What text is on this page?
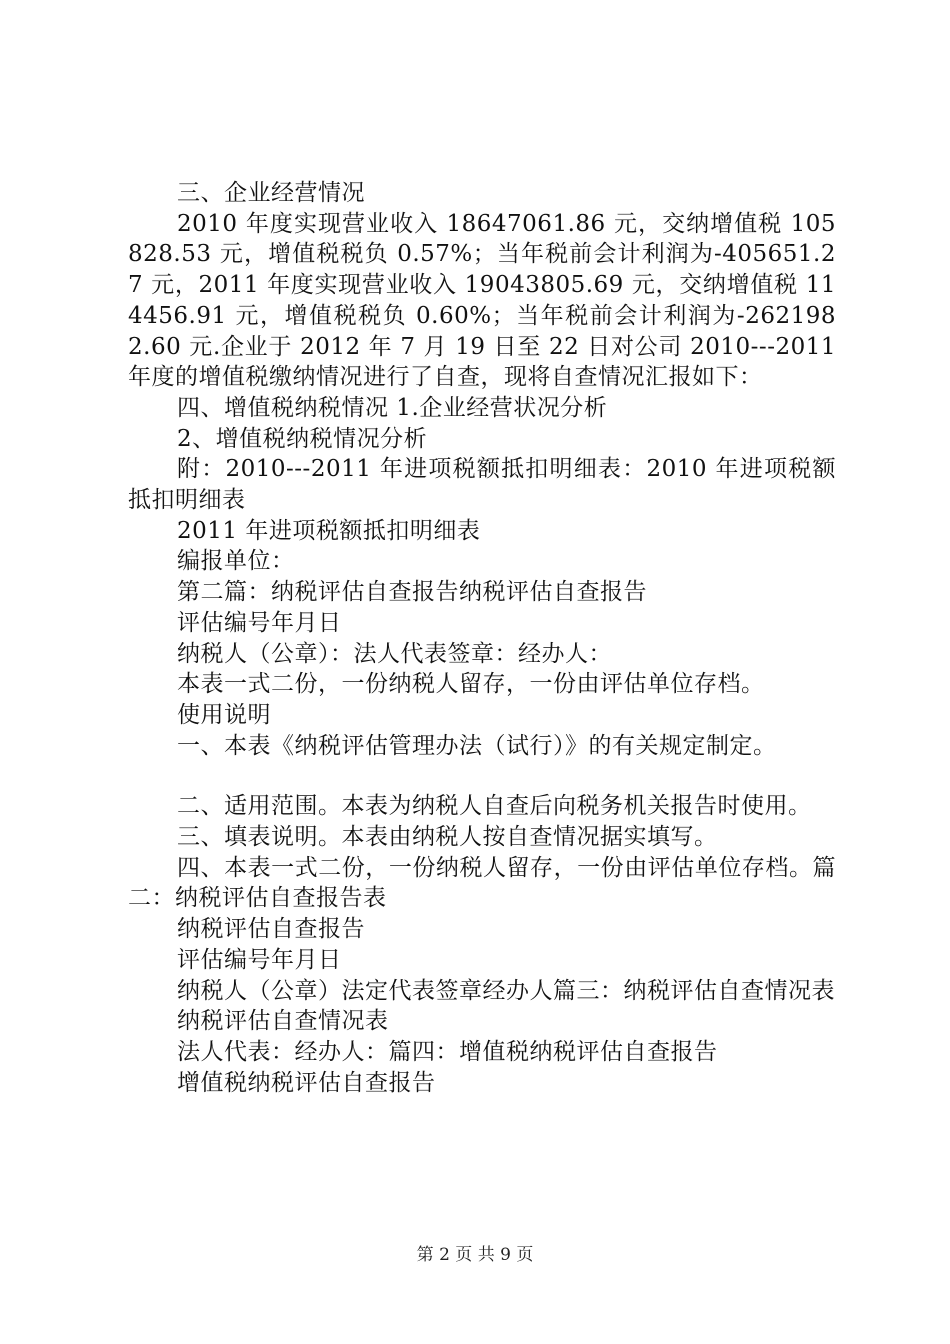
三、企业经营情况

2010 年度实现营业收入 18647061.86 元，交纳增值税 105828.53 元，增值税税负 0.57%；当年税前会计利润为-405651.27 元，2011 年度实现营业收入 19043805.69 元，交纳增值税 114456.91 元，增值税税负 0.60%；当年税前会计利润为-2621982.60 元.企业于 2012 年 7 月 19 日至 22 日对公司 2010---2011 年度的增值税缴纳情况进行了自查，现将自查情况汇报如下：

四、增值税纳税情况 1.企业经营状况分析

2、增值税纳税情况分析

附：2010---2011 年进项税额抵扣明细表：2010 年进项税额抵扣明细表

2011 年进项税额抵扣明细表

编报单位：

第二篇：纳税评估自查报告纳税评估自查报告

评估编号年月日

纳税人（公章）：法人代表签章：经办人：

本表一式二份，一份纳税人留存，一份由评估单位存档。

使用说明

一、本表《纳税评估管理办法（试行）》的有关规定制定。

二、适用范围。本表为纳税人自查后向税务机关报告时使用。

三、填表说明。本表由纳税人按自查情况据实填写。

四、本表一式二份，一份纳税人留存，一份由评估单位存档。篇二：纳税评估自查报告表

纳税评估自查报告

评估编号年月日

纳税人（公章）法定代表签章经办人篇三：纳税评估自查情况表

纳税评估自查情况表

法人代表：经办人：篇四：增值税纳税评估自查报告

增值税纳税评估自查报告

第 2 页 共 9 页
